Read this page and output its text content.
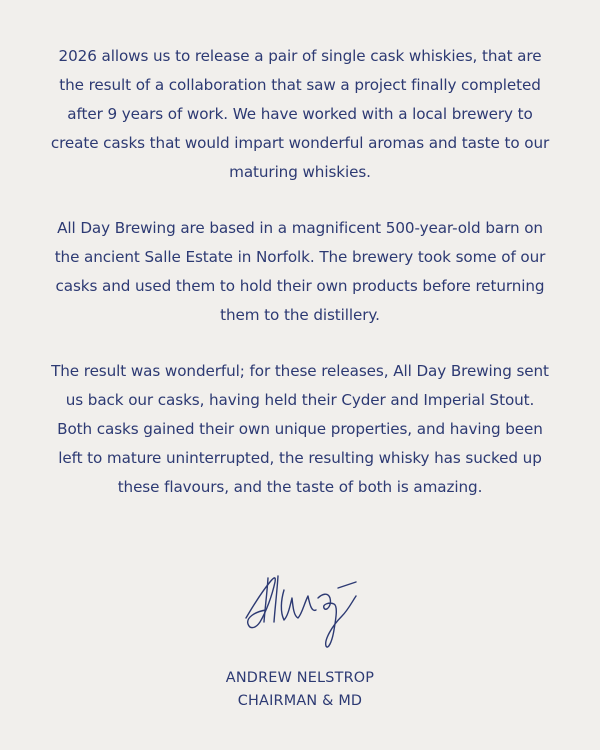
2026 allows us to release a pair of single cask whiskies, that are the result of a collaboration that saw a project finally completed after 9 years of work. We have worked with a local brewery to create casks that would impart wonderful aromas and taste to our maturing whiskies.

All Day Brewing are based in a magnificent 500-year-old barn on the ancient Salle Estate in Norfolk. The brewery took some of our casks and used them to hold their own products before returning them to the distillery.

The result was wonderful; for these releases, All Day Brewing sent us back our casks, having held their Cyder and Imperial Stout. Both casks gained their own unique properties, and having been left to mature uninterrupted, the resulting whisky has sucked up these flavours, and the taste of both is amazing.

ANDREW NELSTROP
CHAIRMAN & MD
